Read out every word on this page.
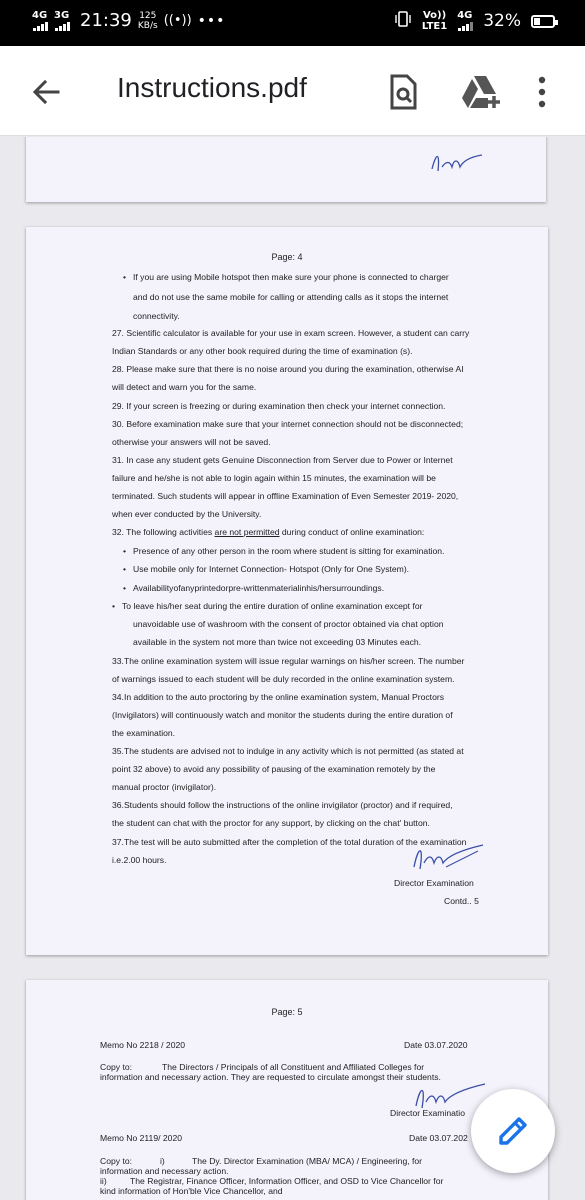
4G 3G 21:39 125
KB/s ((•)) •••	Vo))
LTE1
4G 32%
Instructions.pdf
Page: 4
• If you are using Mobile hotspot then make sure your phone is connected to charger
and do not use the same mobile for calling or attending calls as it stops the internet
connectivity.
27. Scientific calculator is available for your use in exam screen. However, a student can carry
Indian Standards or any other book required during the time of examination (s).
28. Please make sure that there is no noise around you during the examination, otherwise AI
will detect and warn you for the same.
29. If your screen is freezing or during examination then check your internet connection.
30. Before examination make sure that your internet connection should not be disconnected;
otherwise your answers will not be saved.
31. In case any student gets Genuine Disconnection from Server due to Power or Internet
failure and he/she is not able to login again within 15 minutes, the examination will be
terminated. Such students will appear in offline Examination of Even Semester 2019- 2020,
when ever conducted by the University.
32. The following activities are not permitted during conduct of online examination:
• Presence of any other person in the room where student is sitting for examination.
• Use mobile only for Internet Connection- Hotspot (Only for One System).
• Availabilityofanyprintedorpre-writtenmaterialinhis/hersurroundings.
• To leave his/her seat during the entire duration of online examination except for
unavoidable use of washroom with the consent of proctor obtained via chat option
available in the system not more than twice not exceeding 03 Minutes each.
33.The online examination system will issue regular warnings on his/her screen. The number
of warnings issued to each student will be duly recorded in the online examination system.
34.In addition to the auto proctoring by the online examination system, Manual Proctors
(Invigilators) will continuously watch and monitor the students during the entire duration of
the examination.
35.The students are advised not to indulge in any activity which is not permitted (as stated at
point 32 above) to avoid any possibility of pausing of the examination remotely by the
manual proctor (invigilator).
36.Students should follow the instructions of the online invigilator (proctor) and if required,
the student can chat with the proctor for any support, by clicking on the chat' button.
37.The test will be auto submitted after the completion of the total duration of the examination
i.e.2.00 hours.
Director Examination
Contd.. 5
Page: 5
Memo No 2218 / 2020	Date 03.07.2020
Copy to:	The Directors / Principals of all Constituent and Affiliated Colleges for
information and necessary action. They are requested to circulate amongst their students.
Director Examinatio
Memo No 2119/ 2020	Date 03.07.202
Copy to:	i)	The Dy. Director Examination (MBA/ MCA) / Engineering, for
information and necessary action.
ii)	The Registrar, Finance Officer, Information Officer, and OSD to Vice Chancellor for
kind information of Hon'ble Vice Chancellor, and
